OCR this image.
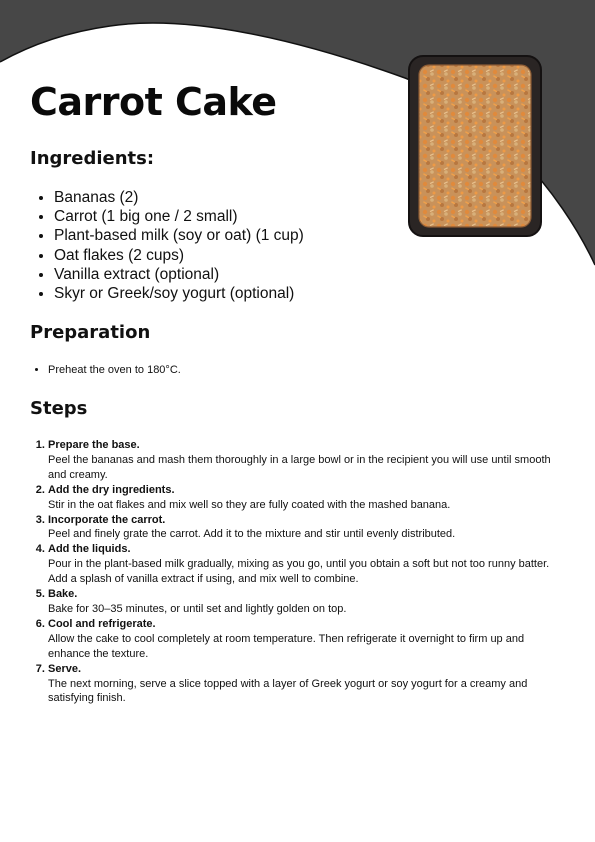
Carrot Cake
Ingredients:
• Bananas (2)
• Carrot (1 big one / 2 small)
• Plant-based milk (soy or oat) (1 cup)
• Oat flakes (2 cups)
• Vanilla extract (optional)
• Skyr or Greek/soy yogurt (optional)
Preparation
• Preheat the oven to 180°C.
Steps
1. Prepare the base.
Peel the bananas and mash them thoroughly in a large bowl or in the recipient you will use until smooth and creamy.
2. Add the dry ingredients.
Stir in the oat flakes and mix well so they are fully coated with the mashed banana.
3. Incorporate the carrot.
Peel and finely grate the carrot. Add it to the mixture and stir until evenly distributed.
4. Add the liquids.
Pour in the plant-based milk gradually, mixing as you go, until you obtain a soft but not too runny batter. Add a splash of vanilla extract if using, and mix well to combine.
5. Bake.
Bake for 30–35 minutes, or until set and lightly golden on top.
6. Cool and refrigerate.
Allow the cake to cool completely at room temperature. Then refrigerate it overnight to firm up and enhance the texture.
7. Serve.
The next morning, serve a slice topped with a layer of Greek yogurt or soy yogurt for a creamy and satisfying finish.
